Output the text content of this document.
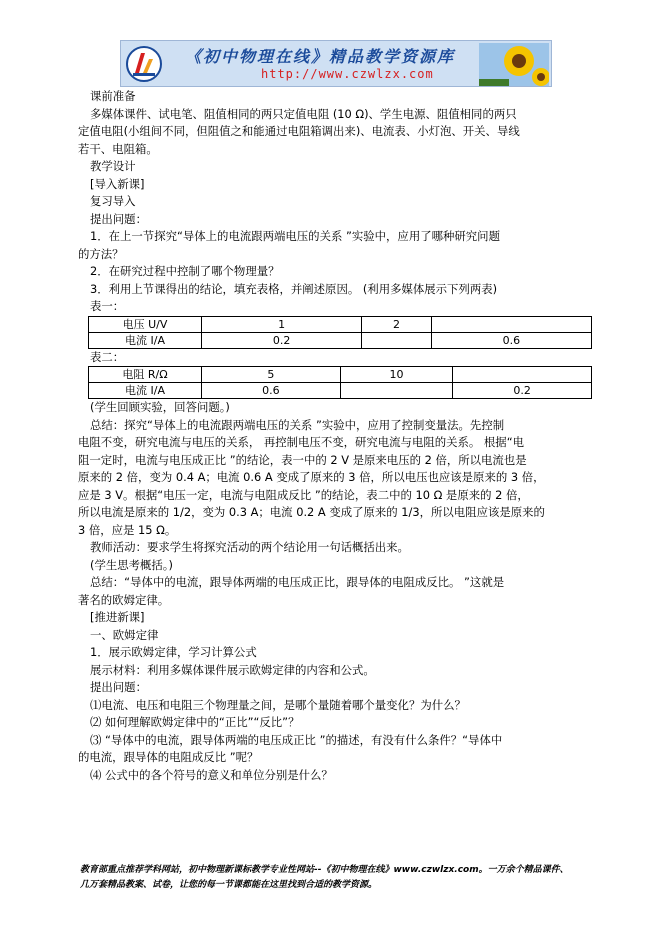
《初中物理在线》精品教学资源库
http://www.czwlzx.com

课前准备

多媒体课件、试电笔、阻值相同的两只定值电阻 (10 Ω)、学生电源、阻值相同的两只

定值电阻(小组间不同，但阻值之和能通过电阻箱调出来)、电流表、小灯泡、开关、导线

若干、电阻箱。

教学设计

[导入新课]

复习导入

提出问题：

1．在上一节探究“导体上的电流跟两端电压的关系 ”实验中，应用了哪种研究问题

的方法？

2．在研究过程中控制了哪个物理量？

3．利用上节课得出的结论，填充表格，并阐述原因。 (利用多媒体展示下列两表)

表一：

电压 U/V	1	2	
电流 I/A	0.2		0.6

表二：

电阻 R/Ω	5	10	
电流 I/A	0.6		0.2

(学生回顾实验，回答问题。)

总结：探究“导体上的电流跟两端电压的关系 ”实验中，应用了控制变量法。先控制

电阻不变，研究电流与电压的关系， 再控制电压不变，研究电流与电阻的关系。 根据“电

阻一定时，电流与电压成正比 ”的结论，表一中的 2 V 是原来电压的 2 倍，所以电流也是

原来的 2 倍，变为 0.4 A；电流 0.6 A 变成了原来的 3 倍，所以电压也应该是原来的 3 倍，

应是 3 V。根据“电压一定，电流与电阻成反比 ”的结论，表二中的 10 Ω 是原来的 2 倍，

所以电流是原来的 1/2，变为 0.3 A；电流 0.2 A 变成了原来的 1/3，所以电阻应该是原来的

3 倍，应是 15 Ω。

教师活动：要求学生将探究活动的两个结论用一句话概括出来。

(学生思考概括。)

总结：“导体中的电流，跟导体两端的电压成正比，跟导体的电阻成反比。 ”这就是

著名的欧姆定律。

[推进新课]

一、欧姆定律

1．展示欧姆定律，学习计算公式

展示材料：利用多媒体课件展示欧姆定律的内容和公式。

提出问题：

⑴电流、电压和电阻三个物理量之间，是哪个量随着哪个量变化？为什么？

⑵ 如何理解欧姆定律中的“正比”“反比”？

⑶ “导体中的电流，跟导体两端的电压成正比 ”的描述，有没有什么条件？“导体中

的电流，跟导体的电阻成反比 ”呢？

⑷ 公式中的各个符号的意义和单位分别是什么？

教育部重点推荐学科网站，初中物理新课标教学专业性网站--《初中物理在线》www.czwlzx.com。一万余个精品课件、
几万套精品教案、试卷，让您的每一节课都能在这里找到合适的教学资源。
